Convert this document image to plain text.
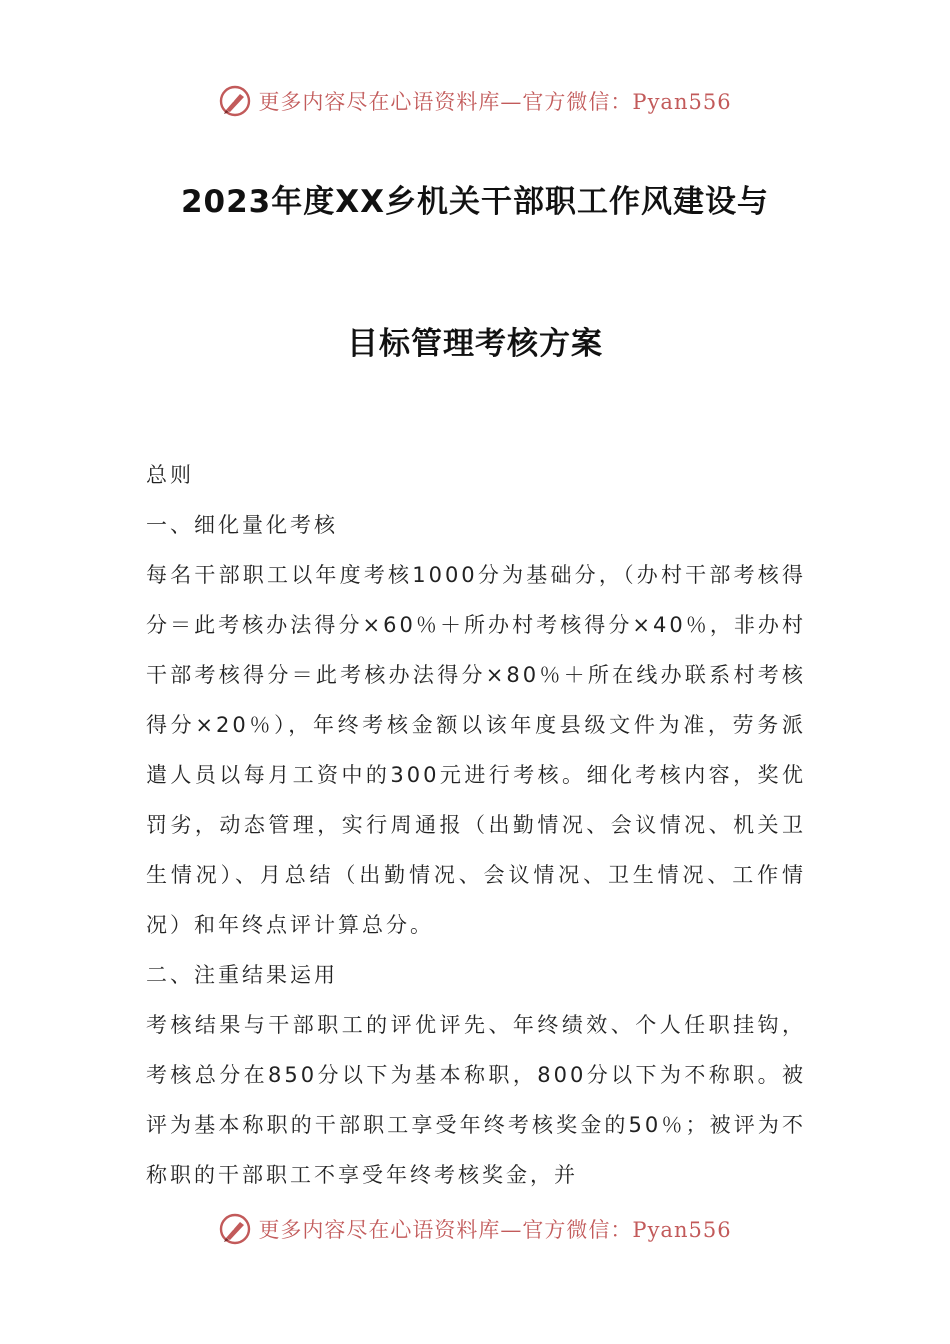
更多内容尽在心语资料库—官方微信：Pyan556
2023年度XX乡机关干部职工作风建设与
目标管理考核方案

总则

一、细化量化考核

每名干部职工以年度考核1000分为基础分，（办村干部考核得分＝此考核办法得分×60％＋所办村考核得分×40％，非办村干部考核得分＝此考核办法得分×80％＋所在线办联系村考核得分×20％），年终考核金额以该年度县级文件为准，劳务派遣人员以每月工资中的300元进行考核。细化考核内容，奖优罚劣，动态管理，实行周通报（出勤情况、会议情况、机关卫生情况）、月总结（出勤情况、会议情况、卫生情况、工作情况）和年终点评计算总分。

二、注重结果运用

考核结果与干部职工的评优评先、年终绩效、个人任职挂钩，考核总分在850分以下为基本称职，800分以下为不称职。被评为基本称职的干部职工享受年终考核奖金的50％；被评为不称职的干部职工不享受年终考核奖金，并

更多内容尽在心语资料库—官方微信：Pyan556
